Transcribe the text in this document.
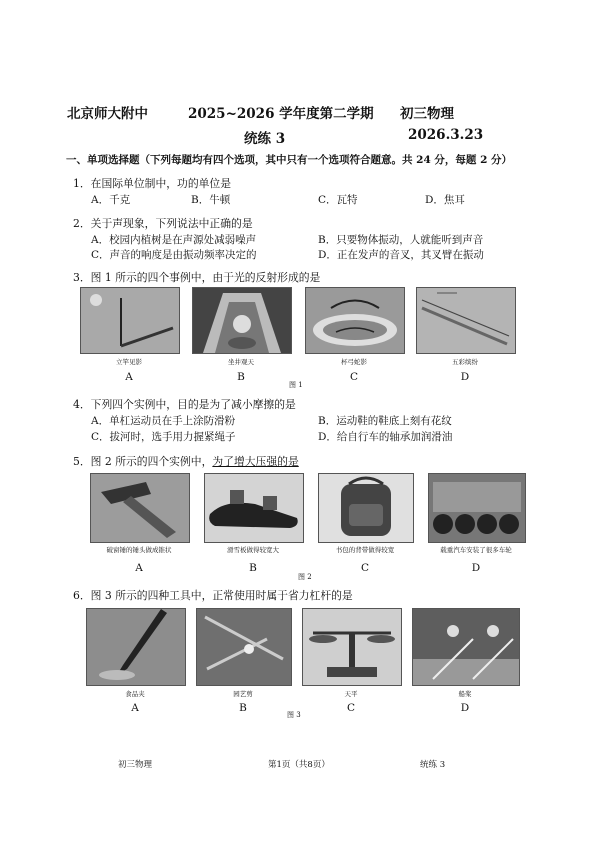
北京师大附中	2025~2026 学年度第二学期 初三物理
统练 3	2026.3.23
一、单项选择题（下列每题均有四个选项，其中只有一个选项符合题意。共 24 分，每题 2 分）
1．在国际单位制中，功的单位是
A．千克	B．牛顿	C．瓦特	D．焦耳
2．关于声现象，下列说法中正确的是
A．校园内植树是在声源处减弱噪声	B．只要物体振动，人就能听到声音
C．声音的响度是由振动频率决定的	D．正在发声的音叉，其叉臂在振动
3．图 1 所示的四个事例中，由于光的反射形成的是
立竿见影	坐井观天	杯弓蛇影	五彩缤纷
A	B	C	D
图 1
4．下列四个实例中，目的是为了减小摩擦的是
A．单杠运动员在手上涂防滑粉	B．运动鞋的鞋底上刻有花纹
C．拔河时，选手用力握紧绳子	D．给自行车的轴承加润滑油
5．图 2 所示的四个实例中，为了增大压强的是
破窗锤的锤头做成锥状	滑雪板做得较宽大	书包的背带做得较宽	载重汽车安装了很多车轮
A	B	C	D
图 2
6．图 3 所示的四种工具中，正常使用时属于省力杠杆的是
食品夹	园艺剪	天平	船桨
A	B	C	D
图 3
初三物理	第1页（共8页）	统练 3
